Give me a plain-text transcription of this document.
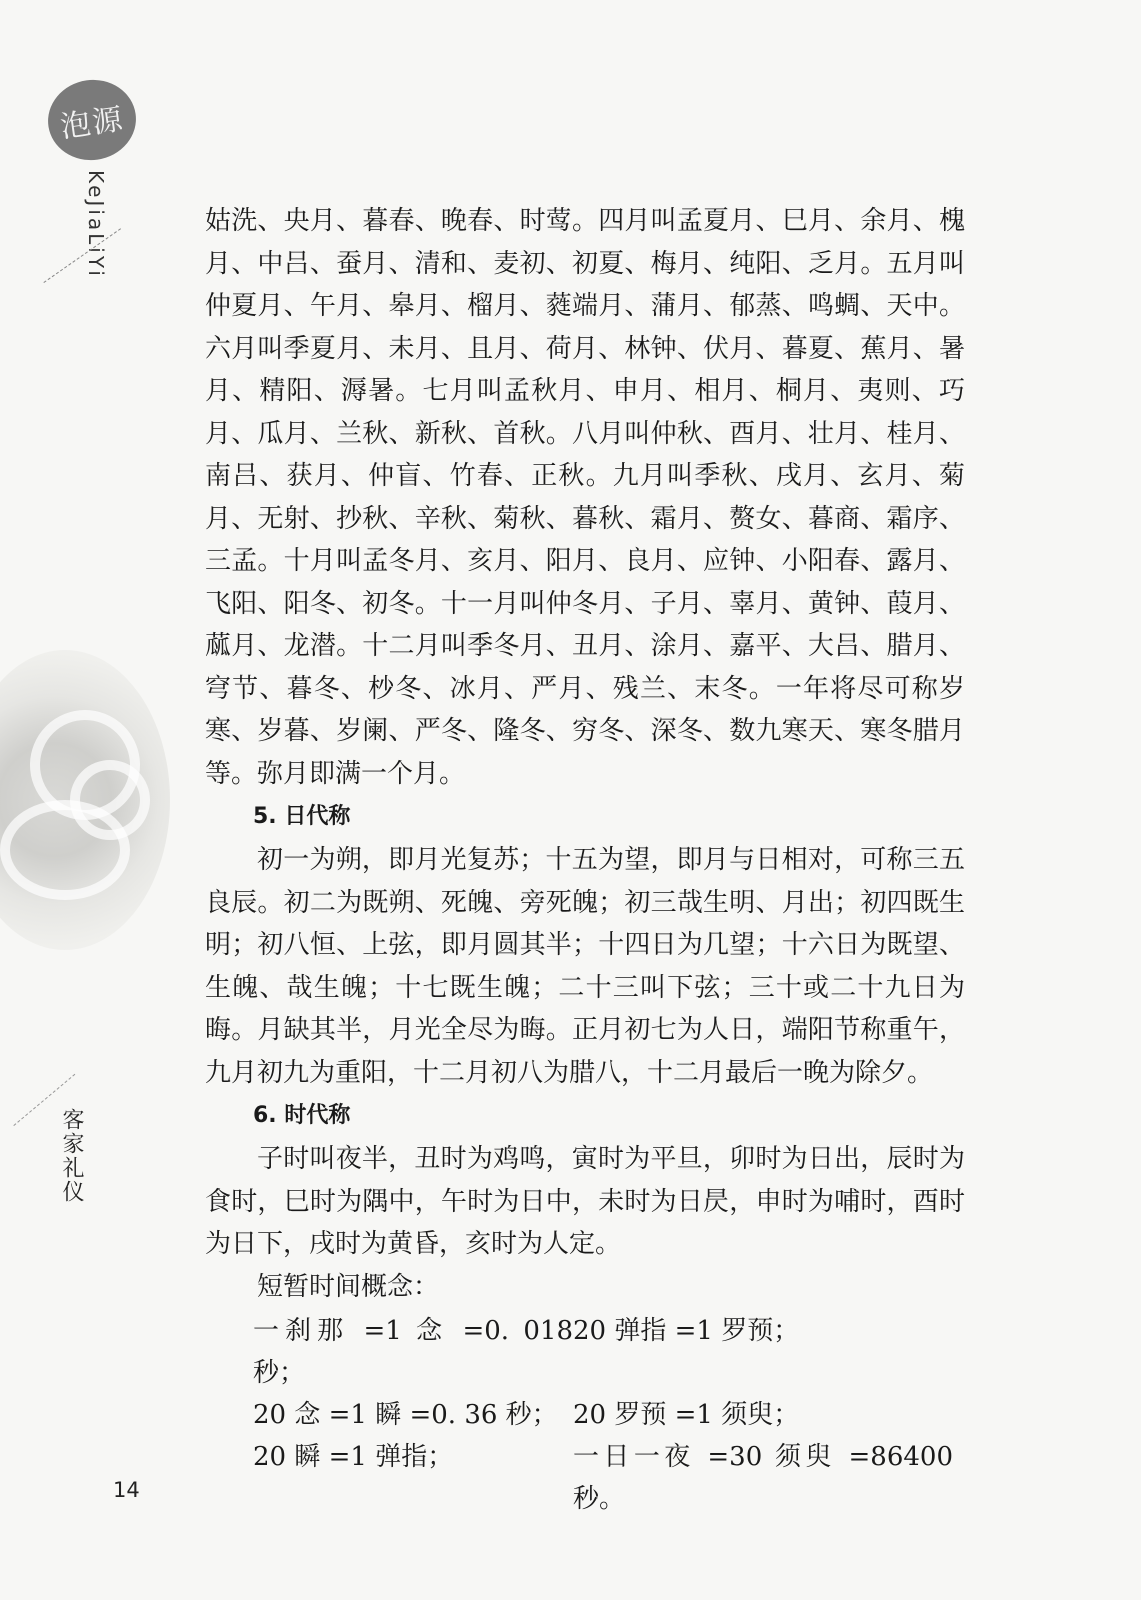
泡源
KeJiaLiYi
客家礼仪

姑洗、央月、暮春、晚春、时莺。四月叫孟夏月、巳月、余月、槐月、中吕、蚕月、清和、麦初、初夏、梅月、纯阳、乏月。五月叫仲夏月、午月、皋月、榴月、蕤端月、蒲月、郁蒸、鸣蜩、天中。六月叫季夏月、未月、且月、荷月、林钟、伏月、暮夏、蕉月、暑月、精阳、溽暑。七月叫孟秋月、申月、相月、桐月、夷则、巧月、瓜月、兰秋、新秋、首秋。八月叫仲秋、酉月、壮月、桂月、南吕、获月、仲盲、竹春、正秋。九月叫季秋、戌月、玄月、菊月、无射、抄秋、辛秋、菊秋、暮秋、霜月、赘女、暮商、霜序、三孟。十月叫孟冬月、亥月、阳月、良月、应钟、小阳春、露月、飞阳、阳冬、初冬。十一月叫仲冬月、子月、辜月、黄钟、葭月、蓏月、龙潜。十二月叫季冬月、丑月、涂月、嘉平、大吕、腊月、穹节、暮冬、杪冬、冰月、严月、残兰、末冬。一年将尽可称岁寒、岁暮、岁阑、严冬、隆冬、穷冬、深冬、数九寒天、寒冬腊月等。弥月即满一个月。

5. 日代称

初一为朔，即月光复苏；十五为望，即月与日相对，可称三五良辰。初二为既朔、死魄、旁死魄；初三哉生明、月出；初四既生明；初八恒、上弦，即月圆其半；十四日为几望；十六日为既望、生魄、哉生魄；十七既生魄；二十三叫下弦；三十或二十九日为晦。月缺其半，月光全尽为晦。正月初七为人日，端阳节称重午，九月初九为重阳，十二月初八为腊八，十二月最后一晚为除夕。

6. 时代称

子时叫夜半，丑时为鸡鸣，寅时为平旦，卯时为日出，辰时为食时，巳时为隅中，午时为日中，未时为日昃，申时为哺时，酉时为日下，戌时为黄昏，亥时为人定。

短暂时间概念：

一刹那 =1 念 =0. 018 秒；
20 弹指 =1 罗预；
20 念 =1 瞬 =0. 36 秒； 20 罗预 =1 须臾；
20 瞬 =1 弹指；	一日一夜 =30 须臾 =86400 秒。
14
